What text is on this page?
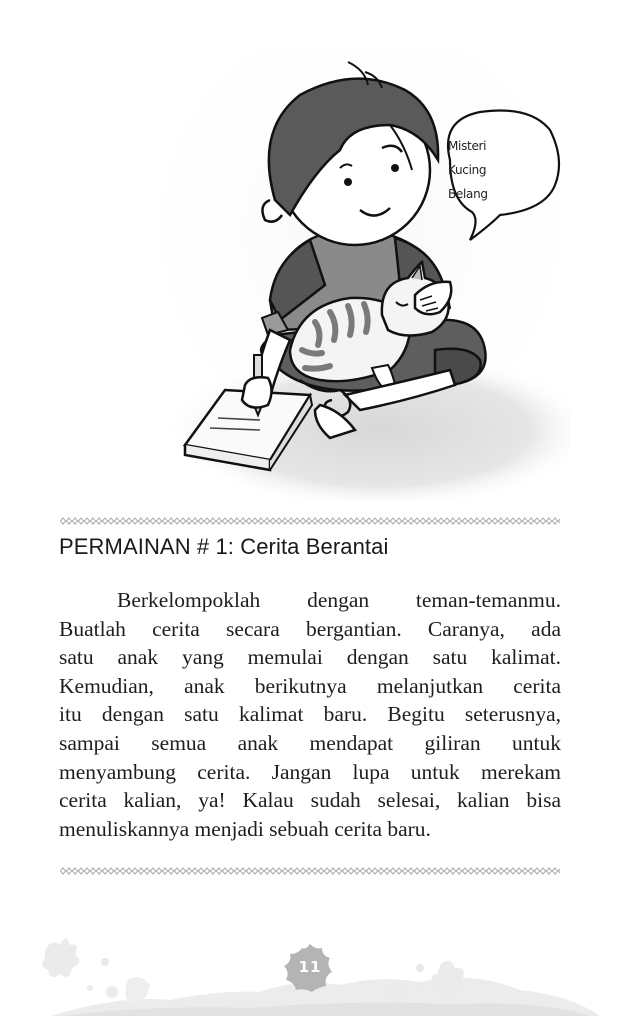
Misteri
Kucing
Belang
PERMAINAN # 1: Cerita Berantai
Berkelompoklah dengan teman-temanmu.
Buatlah cerita secara bergantian. Caranya, ada
satu anak yang memulai dengan satu kalimat.
Kemudian, anak berikutnya melanjutkan cerita
itu dengan satu kalimat baru. Begitu seterusnya,
sampai semua anak mendapat giliran untuk
menyambung cerita. Jangan lupa untuk merekam
cerita kalian, ya! Kalau sudah selesai, kalian bisa
menuliskannya menjadi sebuah cerita baru.
11
